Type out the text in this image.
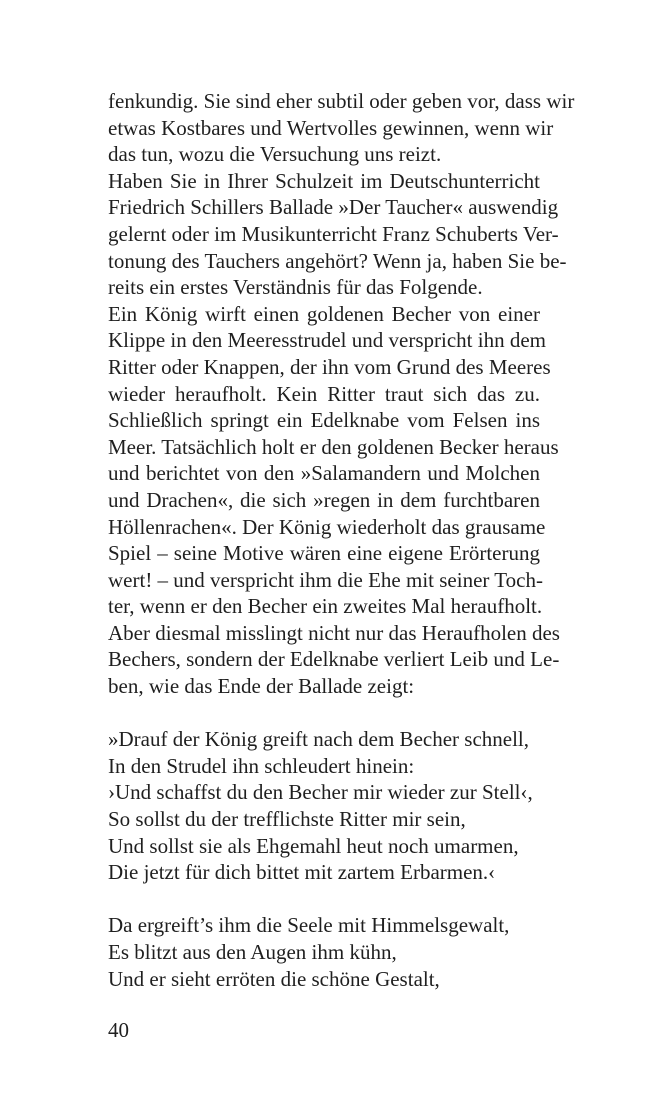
fenkundig. Sie sind eher subtil oder geben vor, dass wir
etwas Kostbares und Wertvolles gewinnen, wenn wir
das tun, wozu die Versuchung uns reizt.
Haben Sie in Ihrer Schulzeit im Deutschunterricht
Friedrich Schillers Ballade »Der Taucher« auswendig
gelernt oder im Musikunterricht Franz Schuberts Ver-
tonung des Tauchers angehört? Wenn ja, haben Sie be-
reits ein erstes Verständnis für das Folgende.
Ein König wirft einen goldenen Becher von einer
Klippe in den Meeresstrudel und verspricht ihn dem
Ritter oder Knappen, der ihn vom Grund des Meeres
wieder heraufholt. Kein Ritter traut sich das zu.
Schließlich springt ein Edelknabe vom Felsen ins
Meer. Tatsächlich holt er den goldenen Becker heraus
und berichtet von den »Salamandern und Molchen
und Drachen«, die sich »regen in dem furchtbaren
Höllenrachen«. Der König wiederholt das grausame
Spiel – seine Motive wären eine eigene Erörterung
wert! – und verspricht ihm die Ehe mit seiner Toch-
ter, wenn er den Becher ein zweites Mal heraufholt.
Aber diesmal misslingt nicht nur das Heraufholen des
Bechers, sondern der Edelknabe verliert Leib und Le-
ben, wie das Ende der Ballade zeigt:
»Drauf der König greift nach dem Becher schnell,
In den Strudel ihn schleudert hinein:
›Und schaffst du den Becher mir wieder zur Stell‹,
So sollst du der trefflichste Ritter mir sein,
Und sollst sie als Ehgemahl heut noch umarmen,
Die jetzt für dich bittet mit zartem Erbarmen.‹
Da ergreift’s ihm die Seele mit Himmelsgewalt,
Es blitzt aus den Augen ihm kühn,
Und er sieht erröten die schöne Gestalt,
40
